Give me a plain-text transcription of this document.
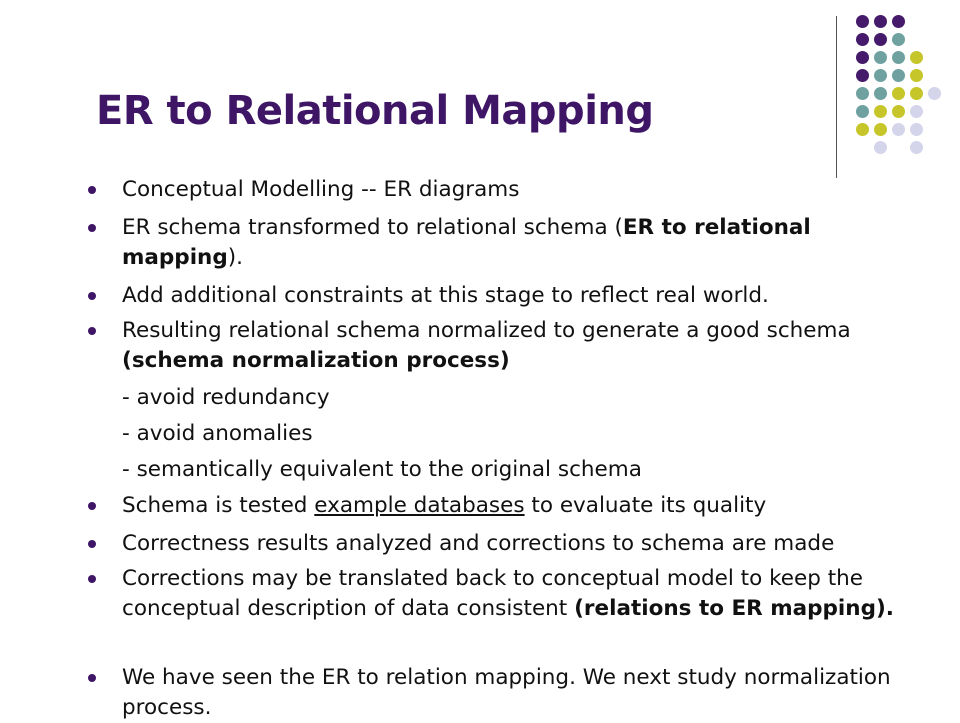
ER to Relational Mapping
Conceptual Modelling -- ER diagrams
ER schema transformed to relational schema (ER to relational mapping).
Add additional constraints at this stage to reflect real world.
Resulting relational schema normalized to generate a good schema (schema normalization process)
- avoid redundancy
- avoid anomalies
- semantically equivalent to the original schema
Schema is tested example databases to evaluate its quality
Correctness results analyzed and corrections to schema are made
Corrections may be translated back to conceptual model to keep the conceptual description of data consistent (relations to ER mapping).
We have seen the ER to relation mapping. We next study normalization process.
